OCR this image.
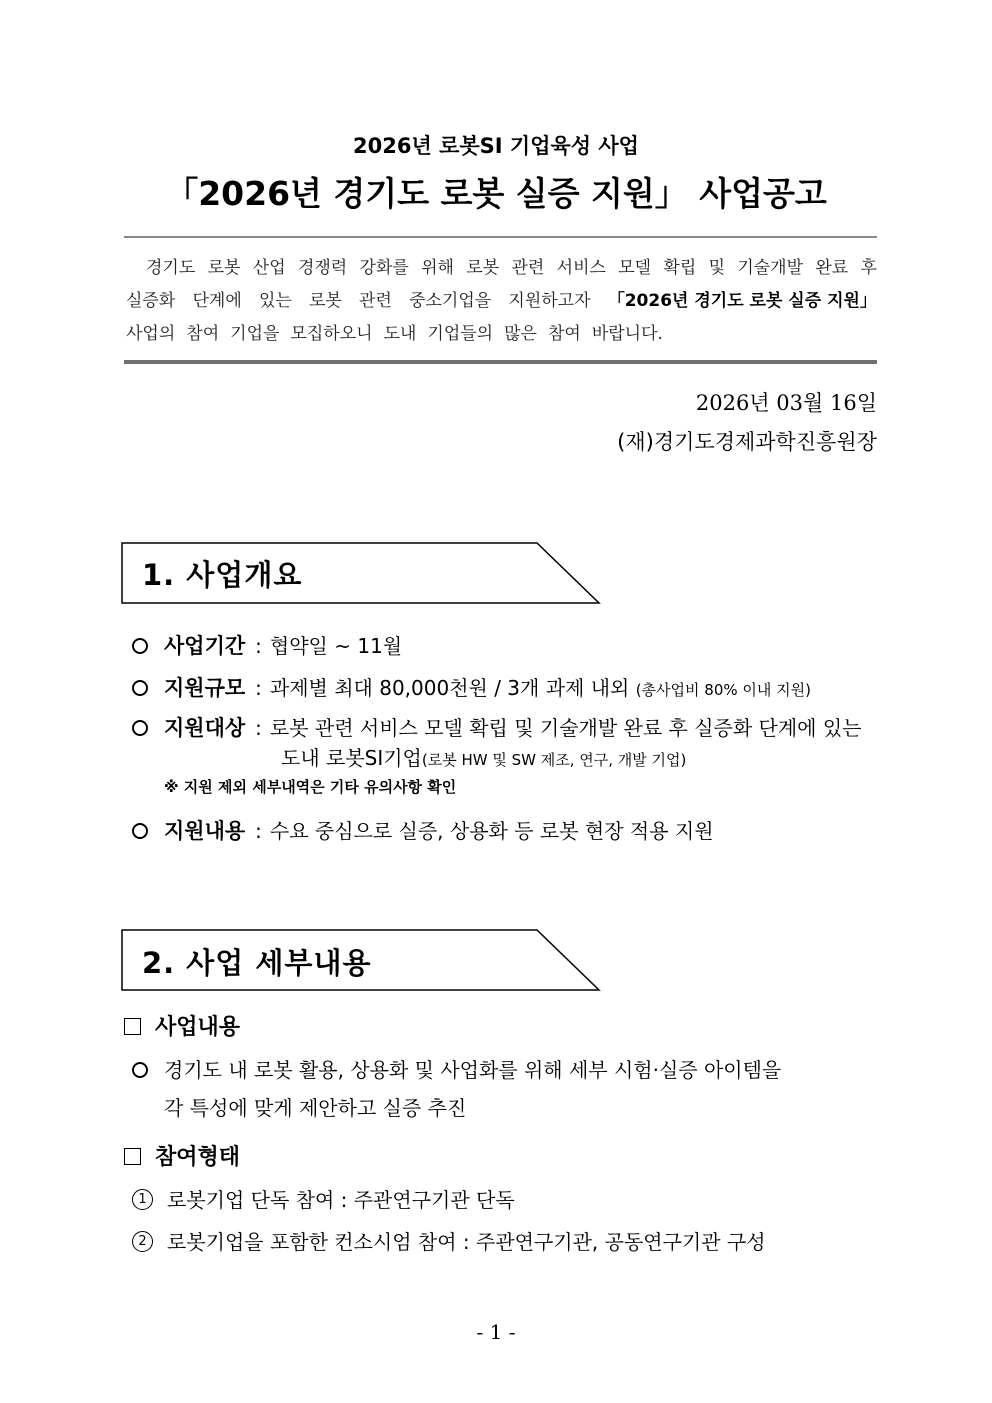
2026년 로봇SI 기업육성 사업
「2026년 경기도 로봇 실증 지원」 사업공고
경기도 로봇 산업 경쟁력 강화를 위해 로봇 관련 서비스 모델 확립 및 기술개발 완료 후
실증화 단계에 있는 로봇 관련 중소기업을 지원하고자 「2026년 경기도 로봇 실증 지원」
사업의 참여 기업을 모집하오니 도내 기업들의 많은 참여 바랍니다.
2026년 03월 16일
(재)경기도경제과학진흥원장
1. 사업개요
사업기간 : 협약일 ~ 11월
지원규모 : 과제별 최대 80,000천원 / 3개 과제 내외 (총사업비 80% 이내 지원)
지원대상 : 로봇 관련 서비스 모델 확립 및 기술개발 완료 후 실증화 단계에 있는
도내 로봇SI기업(로봇 HW 및 SW 제조, 연구, 개발 기업)
※ 지원 제외 세부내역은 기타 유의사항 확인
지원내용 : 수요 중심으로 실증, 상용화 등 로봇 현장 적용 지원
2. 사업 세부내용
사업내용
경기도 내 로봇 활용, 상용화 및 사업화를 위해 세부 시험·실증 아이템을
각 특성에 맞게 제안하고 실증 추진
참여형태
1 로봇기업 단독 참여 : 주관연구기관 단독
2 로봇기업을 포함한 컨소시엄 참여 : 주관연구기관, 공동연구기관 구성
- 1 -
